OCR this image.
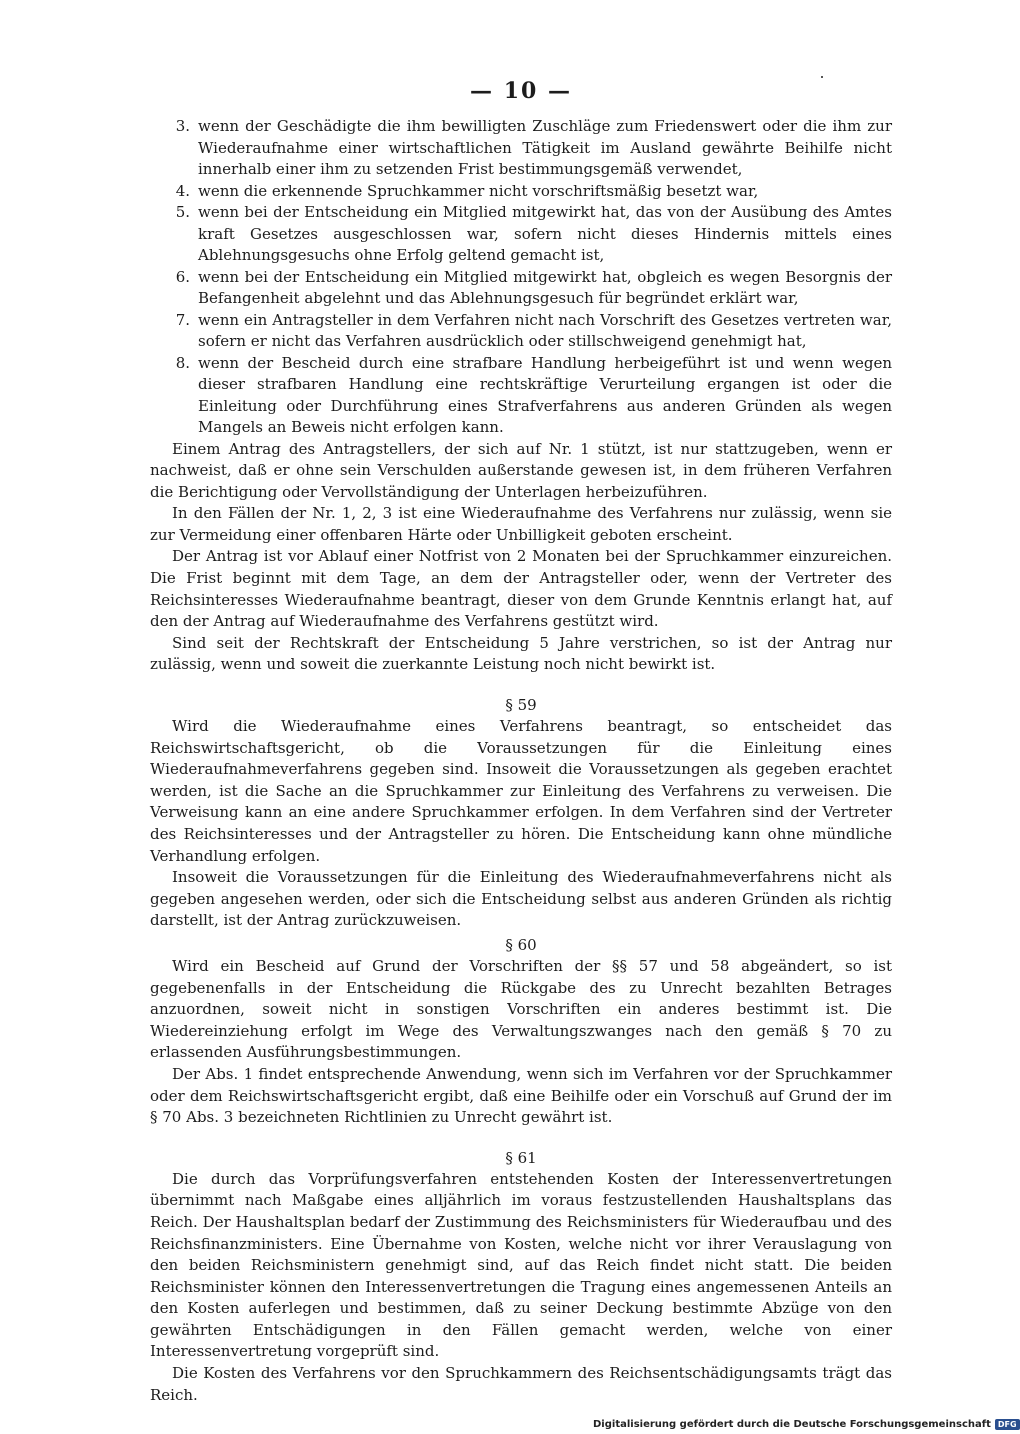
— 10 —
3. wenn der Geschädigte die ihm bewilligten Zuschläge zum Friedenswert oder die ihm zur Wiederaufnahme einer wirtschaftlichen Tätigkeit im Ausland gewährte Beihilfe nicht innerhalb einer ihm zu setzenden Frist bestimmungsgemäß verwendet,
4. wenn die erkennende Spruchkammer nicht vorschriftsmäßig besetzt war,
5. wenn bei der Entscheidung ein Mitglied mitgewirkt hat, das von der Ausübung des Amtes kraft Gesetzes ausgeschlossen war, sofern nicht dieses Hindernis mittels eines Ablehnungsgesuchs ohne Erfolg geltend gemacht ist,
6. wenn bei der Entscheidung ein Mitglied mitgewirkt hat, obgleich es wegen Besorgnis der Befangenheit abgelehnt und das Ablehnungsgesuch für begründet erklärt war,
7. wenn ein Antragsteller in dem Verfahren nicht nach Vorschrift des Gesetzes vertreten war, sofern er nicht das Verfahren ausdrücklich oder stillschweigend genehmigt hat,
8. wenn der Bescheid durch eine strafbare Handlung herbeigeführt ist und wenn wegen dieser strafbaren Handlung eine rechtskräftige Verurteilung ergangen ist oder die Einleitung oder Durchführung eines Strafverfahrens aus anderen Gründen als wegen Mangels an Beweis nicht erfolgen kann.

Einem Antrag des Antragstellers, der sich auf Nr. 1 stützt, ist nur stattzugeben, wenn er nachweist, daß er ohne sein Verschulden außerstande gewesen ist, in dem früheren Verfahren die Berichtigung oder Vervollständigung der Unterlagen herbeizuführen.

In den Fällen der Nr. 1, 2, 3 ist eine Wiederaufnahme des Verfahrens nur zulässig, wenn sie zur Vermeidung einer offenbaren Härte oder Unbilligkeit geboten erscheint.

Der Antrag ist vor Ablauf einer Notfrist von 2 Monaten bei der Spruchkammer einzureichen. Die Frist beginnt mit dem Tage, an dem der Antragsteller oder, wenn der Vertreter des Reichsinteresses Wiederaufnahme beantragt, dieser von dem Grunde Kenntnis erlangt hat, auf den der Antrag auf Wiederaufnahme des Verfahrens gestützt wird.

Sind seit der Rechtskraft der Entscheidung 5 Jahre verstrichen, so ist der Antrag nur zulässig, wenn und soweit die zuerkannte Leistung noch nicht bewirkt ist.

§ 59

Wird die Wiederaufnahme eines Verfahrens beantragt, so entscheidet das Reichswirtschaftsgericht, ob die Voraussetzungen für die Einleitung eines Wiederaufnahmeverfahrens gegeben sind. Insoweit die Voraussetzungen als gegeben erachtet werden, ist die Sache an die Spruchkammer zur Einleitung des Verfahrens zu verweisen. Die Verweisung kann an eine andere Spruchkammer erfolgen. In dem Verfahren sind der Vertreter des Reichsinteresses und der Antragsteller zu hören. Die Entscheidung kann ohne mündliche Verhandlung erfolgen.

Insoweit die Voraussetzungen für die Einleitung des Wiederaufnahmeverfahrens nicht als gegeben angesehen werden, oder sich die Entscheidung selbst aus anderen Gründen als richtig darstellt, ist der Antrag zurückzuweisen.

§ 60

Wird ein Bescheid auf Grund der Vorschriften der §§ 57 und 58 abgeändert, so ist gegebenenfalls in der Entscheidung die Rückgabe des zu Unrecht bezahlten Betrages anzuordnen, soweit nicht in sonstigen Vorschriften ein anderes bestimmt ist. Die Wiedereinziehung erfolgt im Wege des Verwaltungszwanges nach den gemäß § 70 zu erlassenden Ausführungsbestimmungen.

Der Abs. 1 findet entsprechende Anwendung, wenn sich im Verfahren vor der Spruchkammer oder dem Reichswirtschaftsgericht ergibt, daß eine Beihilfe oder ein Vorschuß auf Grund der im § 70 Abs. 3 bezeichneten Richtlinien zu Unrecht gewährt ist.

§ 61

Die durch das Vorprüfungsverfahren entstehenden Kosten der Interessenvertretungen übernimmt nach Maßgabe eines alljährlich im voraus festzustellenden Haushaltsplans das Reich. Der Haushaltsplan bedarf der Zustimmung des Reichsministers für Wiederaufbau und des Reichsfinanzministers. Eine Übernahme von Kosten, welche nicht vor ihrer Verauslagung von den beiden Reichsministern genehmigt sind, auf das Reich findet nicht statt. Die beiden Reichsminister können den Interessenvertretungen die Tragung eines angemessenen Anteils an den Kosten auferlegen und bestimmen, daß zu seiner Deckung bestimmte Abzüge von den gewährten Entschädigungen in den Fällen gemacht werden, welche von einer Interessenvertretung vorgeprüft sind.

Die Kosten des Verfahrens vor den Spruchkammern des Reichsentschädigungsamts trägt das Reich.

Digitalisierung gefördert durch die Deutsche Forschungsgemeinschaft DFG
